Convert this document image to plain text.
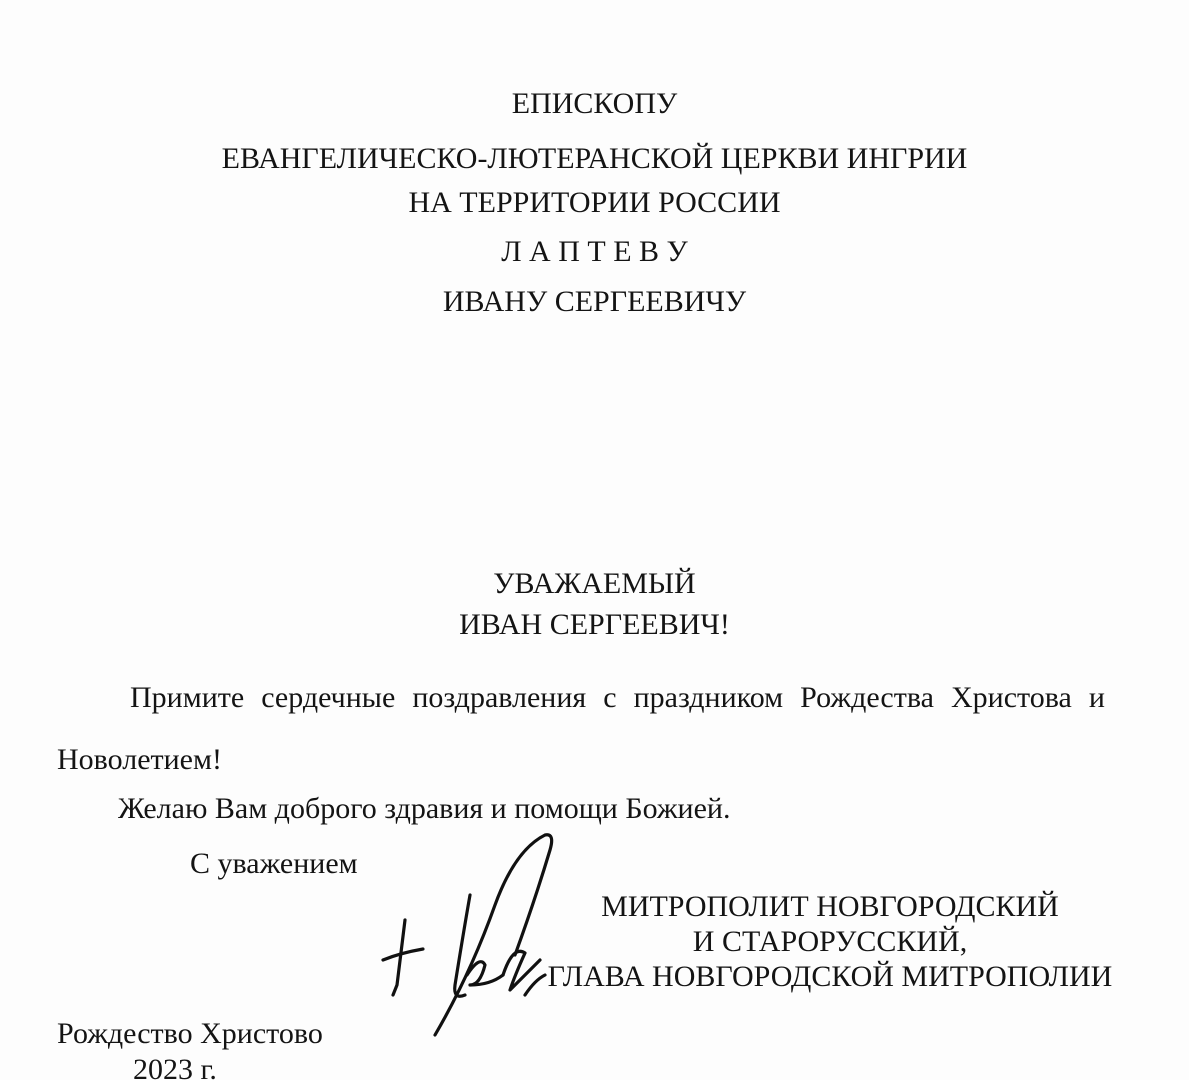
ЕПИСКОПУ
ЕВАНГЕЛИЧЕСКО-ЛЮТЕРАНСКОЙ ЦЕРКВИ ИНГРИИ
НА ТЕРРИТОРИИ РОССИИ
Л А П Т Е В У
ИВАНУ СЕРГЕЕВИЧУ
УВАЖАЕМЫЙ
ИВАН СЕРГЕЕВИЧ!
Примите сердечные поздравления с праздником Рождества Христова и
Новолетием!
Желаю Вам доброго здравия и помощи Божией.
С уважением
МИТРОПОЛИТ НОВГОРОДСКИЙ
И СТАРОРУССКИЙ,
ГЛАВА НОВГОРОДСКОЙ МИТРОПОЛИИ
Рождество Христово
2023 г.
